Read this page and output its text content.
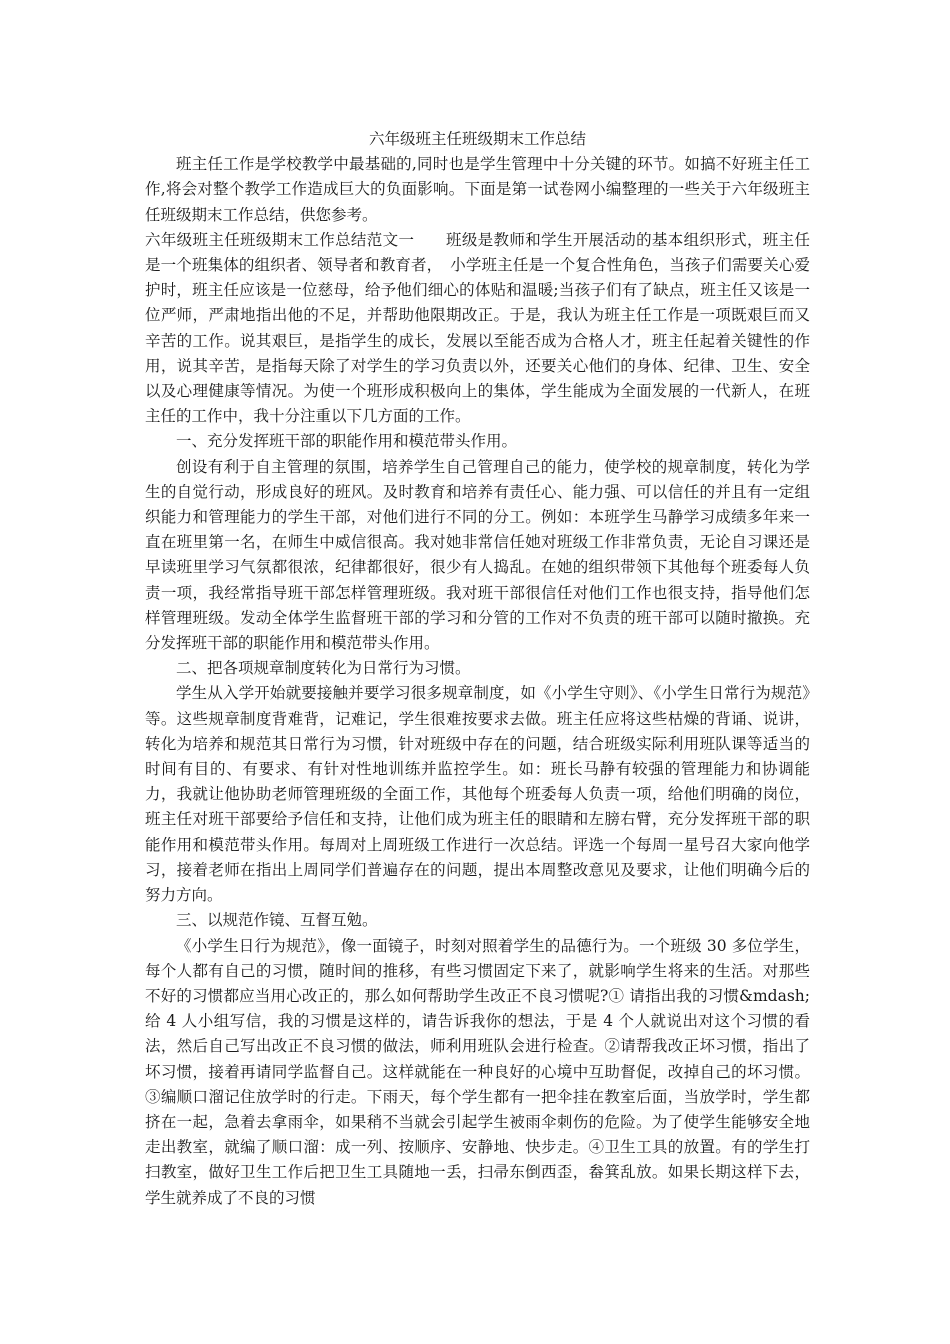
六年级班主任班级期末工作总结

班主任工作是学校教学中最基础的,同时也是学生管理中十分关键的环节。如搞不好班主任工作,将会对整个教学工作造成巨大的负面影响。下面是第一试卷网小编整理的一些关于六年级班主任班级期末工作总结，供您参考。

六年级班主任班级期末工作总结范文一　　班级是教师和学生开展活动的基本组织形式，班主任是一个班集体的组织者、领导者和教育者，　小学班主任是一个复合性角色，当孩子们需要关心爱护时，班主任应该是一位慈母，给予他们细心的体贴和温暖;当孩子们有了缺点，班主任又该是一位严师，严肃地指出他的不足，并帮助他限期改正。于是，我认为班主任工作是一项既艰巨而又辛苦的工作。说其艰巨，是指学生的成长，发展以至能否成为合格人才，班主任起着关键性的作用，说其辛苦，是指每天除了对学生的学习负责以外，还要关心他们的身体、纪律、卫生、安全以及心理健康等情况。为使一个班形成积极向上的集体，学生能成为全面发展的一代新人，在班主任的工作中，我十分注重以下几方面的工作。

一、充分发挥班干部的职能作用和模范带头作用。

创设有利于自主管理的氛围，培养学生自己管理自己的能力，使学校的规章制度，转化为学生的自觉行动，形成良好的班风。及时教育和培养有责任心、能力强、可以信任的并且有一定组织能力和管理能力的学生干部，对他们进行不同的分工。例如：本班学生马静学习成绩多年来一直在班里第一名，在师生中威信很高。我对她非常信任她对班级工作非常负责，无论自习课还是早读班里学习气氛都很浓，纪律都很好，很少有人捣乱。在她的组织带领下其他每个班委每人负责一项，我经常指导班干部怎样管理班级。我对班干部很信任对他们工作也很支持，指导他们怎样管理班级。发动全体学生监督班干部的学习和分管的工作对不负责的班干部可以随时撤换。充分发挥班干部的职能作用和模范带头作用。

二、把各项规章制度转化为日常行为习惯。

学生从入学开始就要接触并要学习很多规章制度，如《小学生守则》、《小学生日常行为规范》等。这些规章制度背难背，记难记，学生很难按要求去做。班主任应将这些枯燥的背诵、说讲，转化为培养和规范其日常行为习惯，针对班级中存在的问题，结合班级实际利用班队课等适当的时间有目的、有要求、有针对性地训练并监控学生。如：班长马静有较强的管理能力和协调能力，我就让他协助老师管理班级的全面工作，其他每个班委每人负责一项，给他们明确的岗位，班主任对班干部要给予信任和支持，让他们成为班主任的眼睛和左膀右臂，充分发挥班干部的职能作用和模范带头作用。每周对上周班级工作进行一次总结。评选一个每周一星号召大家向他学习，接着老师在指出上周同学们普遍存在的问题，提出本周整改意见及要求，让他们明确今后的努力方向。

三、以规范作镜、互督互勉。

《小学生日行为规范》，像一面镜子，时刻对照着学生的品德行为。一个班级 30 多位学生，每个人都有自己的习惯，随时间的推移，有些习惯固定下来了，就影响学生将来的生活。对那些不好的习惯都应当用心改正的，那么如何帮助学生改正不良习惯呢?① 请指出我的习惯&mdash;给 4 人小组写信，我的习惯是这样的，请告诉我你的想法，于是 4 个人就说出对这个习惯的看法，然后自己写出改正不良习惯的做法，师利用班队会进行检查。②请帮我改正坏习惯，指出了坏习惯，接着再请同学监督自己。这样就能在一种良好的心境中互助督促，改掉自己的坏习惯。③编顺口溜记住放学时的行走。下雨天，每个学生都有一把伞挂在教室后面，当放学时，学生都挤在一起，急着去拿雨伞，如果稍不当就会引起学生被雨伞刺伤的危险。为了使学生能够安全地走出教室，就编了顺口溜：成一列、按顺序、安静地、快步走。④卫生工具的放置。有的学生打扫教室，做好卫生工作后把卫生工具随地一丢，扫帚东倒西歪，畚箕乱放。如果长期这样下去，学生就养成了不良的习惯
